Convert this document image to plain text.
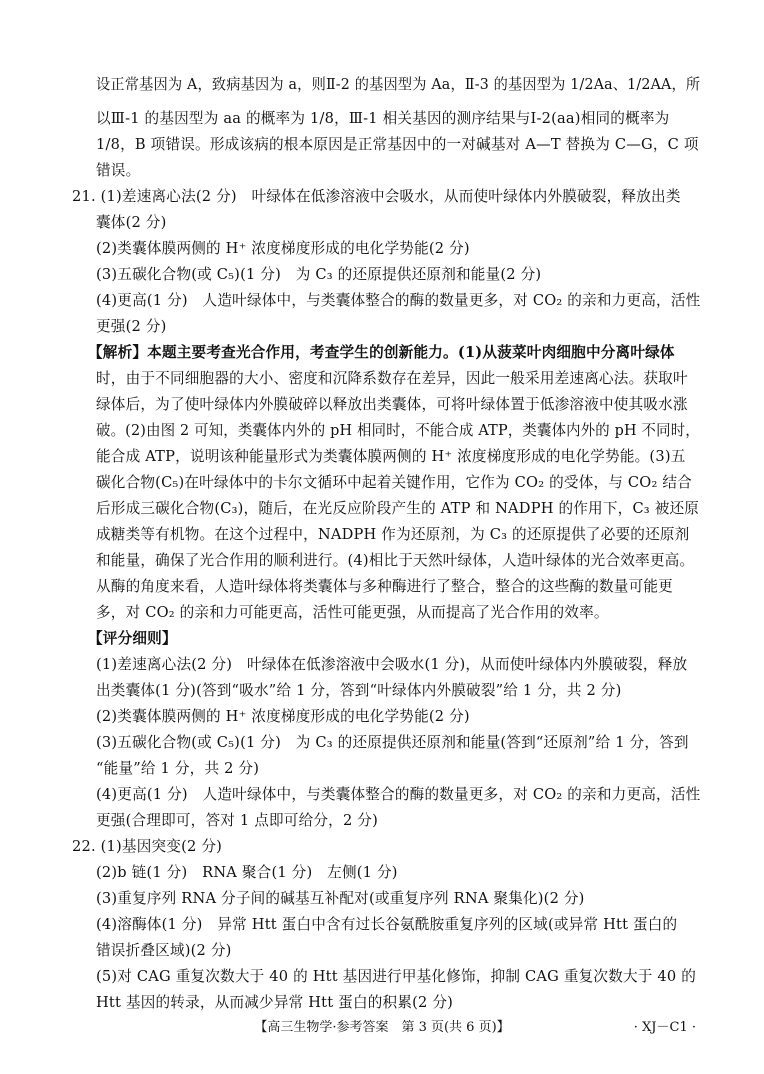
设正常基因为 A，致病基因为 a，则Ⅱ-2 的基因型为 Aa，Ⅱ-3 的基因型为 1/2Aa、1/2AA，所
以Ⅲ-1 的基因型为 aa 的概率为 1/8，Ⅲ-1 相关基因的测序结果与Ⅰ-2(aa)相同的概率为
1/8，B 项错误。形成该病的根本原因是正常基因中的一对碱基对 A—T 替换为 C—G，C 项
错误。
21. (1)差速离心法(2 分)　叶绿体在低渗溶液中会吸水，从而使叶绿体内外膜破裂，释放出类
囊体(2 分)
(2)类囊体膜两侧的 H⁺ 浓度梯度形成的电化学势能(2 分)
(3)五碳化合物(或 C₅)(1 分)　为 C₃ 的还原提供还原剂和能量(2 分)
(4)更高(1 分)　人造叶绿体中，与类囊体整合的酶的数量更多，对 CO₂ 的亲和力更高，活性
更强(2 分)
【解析】本题主要考查光合作用，考查学生的创新能力。(1)从菠菜叶肉细胞中分离叶绿体
时，由于不同细胞器的大小、密度和沉降系数存在差异，因此一般采用差速离心法。获取叶
绿体后，为了使叶绿体内外膜破碎以释放出类囊体，可将叶绿体置于低渗溶液中使其吸水涨
破。(2)由图 2 可知，类囊体内外的 pH 相同时，不能合成 ATP，类囊体内外的 pH 不同时，
能合成 ATP，说明该种能量形式为类囊体膜两侧的 H⁺ 浓度梯度形成的电化学势能。(3)五
碳化合物(C₅)在叶绿体中的卡尔文循环中起着关键作用，它作为 CO₂ 的受体，与 CO₂ 结合
后形成三碳化合物(C₃)，随后，在光反应阶段产生的 ATP 和 NADPH 的作用下，C₃ 被还原
成糖类等有机物。在这个过程中，NADPH 作为还原剂，为 C₃ 的还原提供了必要的还原剂
和能量，确保了光合作用的顺利进行。(4)相比于天然叶绿体，人造叶绿体的光合效率更高。
从酶的角度来看，人造叶绿体将类囊体与多种酶进行了整合，整合的这些酶的数量可能更
多，对 CO₂ 的亲和力可能更高，活性可能更强，从而提高了光合作用的效率。
【评分细则】
(1)差速离心法(2 分)　叶绿体在低渗溶液中会吸水(1 分)，从而使叶绿体内外膜破裂，释放
出类囊体(1 分)(答到“吸水”给 1 分，答到“叶绿体内外膜破裂”给 1 分，共 2 分)
(2)类囊体膜两侧的 H⁺ 浓度梯度形成的电化学势能(2 分)
(3)五碳化合物(或 C₅)(1 分)　为 C₃ 的还原提供还原剂和能量(答到“还原剂”给 1 分，答到
“能量”给 1 分，共 2 分)
(4)更高(1 分)　人造叶绿体中，与类囊体整合的酶的数量更多，对 CO₂ 的亲和力更高，活性
更强(合理即可，答对 1 点即可给分，2 分)
22. (1)基因突变(2 分)
(2)b 链(1 分)　RNA 聚合(1 分)　左侧(1 分)
(3)重复序列 RNA 分子间的碱基互补配对(或重复序列 RNA 聚集化)(2 分)
(4)溶酶体(1 分)　异常 Htt 蛋白中含有过长谷氨酰胺重复序列的区域(或异常 Htt 蛋白的
错误折叠区域)(2 分)
(5)对 CAG 重复次数大于 40 的 Htt 基因进行甲基化修饰，抑制 CAG 重复次数大于 40 的
Htt 基因的转录，从而减少异常 Htt 蛋白的积累(2 分)
【高三生物学·参考答案　第 3 页(共 6 页)】	· XJ－C1 ·
